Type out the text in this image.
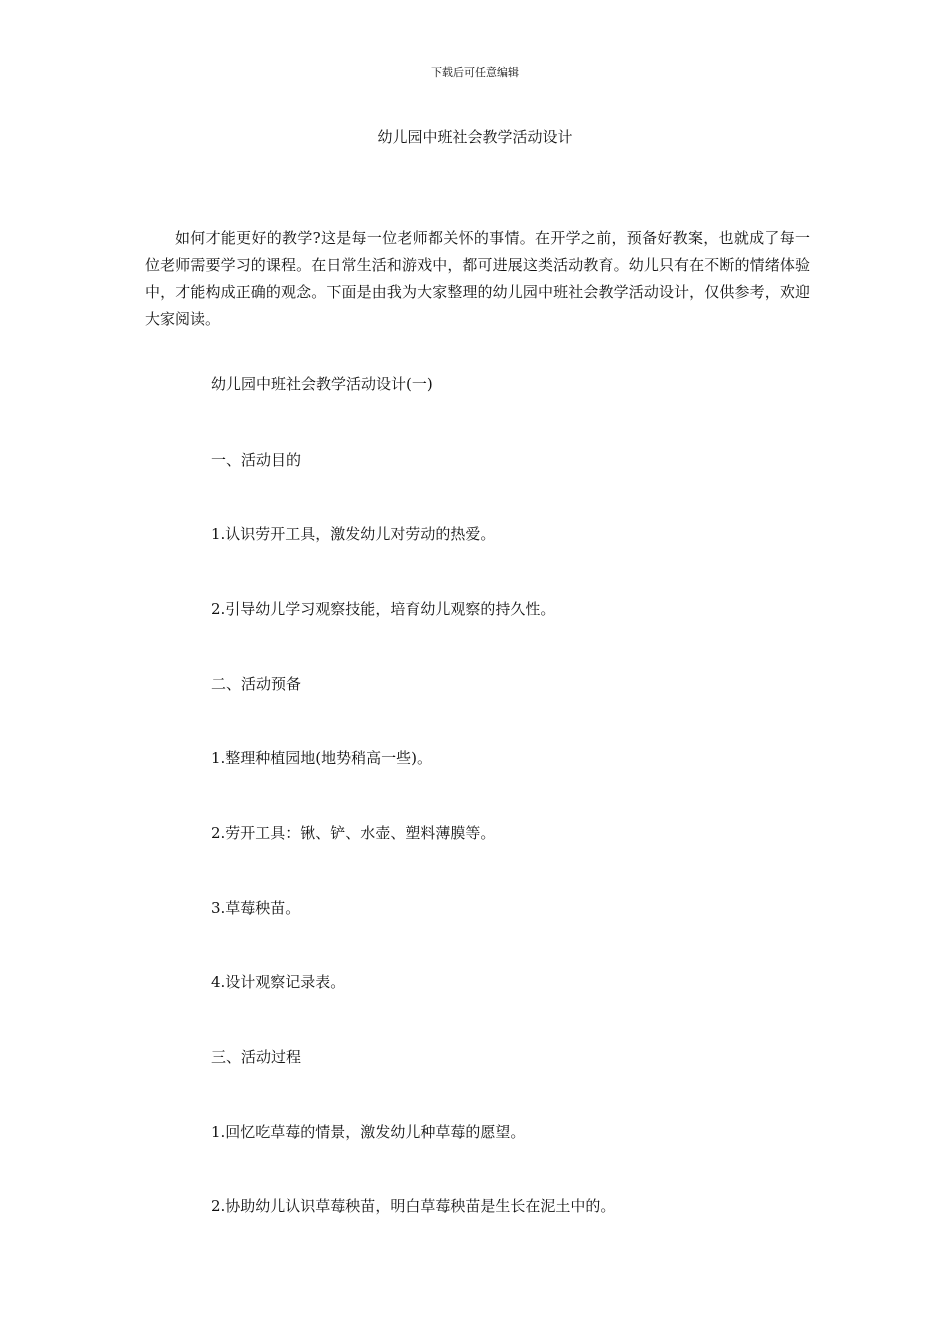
下载后可任意编辑
幼儿园中班社会教学活动设计

如何才能更好的教学?这是每一位老师都关怀的事情。在开学之前，预备好教案，也就成了每一位老师需要学习的课程。在日常生活和游戏中，都可进展这类活动教育。幼儿只有在不断的情绪体验中，才能构成正确的观念。下面是由我为大家整理的幼儿园中班社会教学活动设计，仅供参考，欢迎大家阅读。

幼儿园中班社会教学活动设计(一)

一、活动目的

1.认识劳开工具，激发幼儿对劳动的热爱。

2.引导幼儿学习观察技能，培育幼儿观察的持久性。

二、活动预备

1.整理种植园地(地势稍高一些)。

2.劳开工具：锹、铲、水壶、塑料薄膜等。

3.草莓秧苗。

4.设计观察记录表。

三、活动过程

1.回忆吃草莓的情景，激发幼儿种草莓的愿望。

2.协助幼儿认识草莓秧苗，明白草莓秧苗是生长在泥土中的。
